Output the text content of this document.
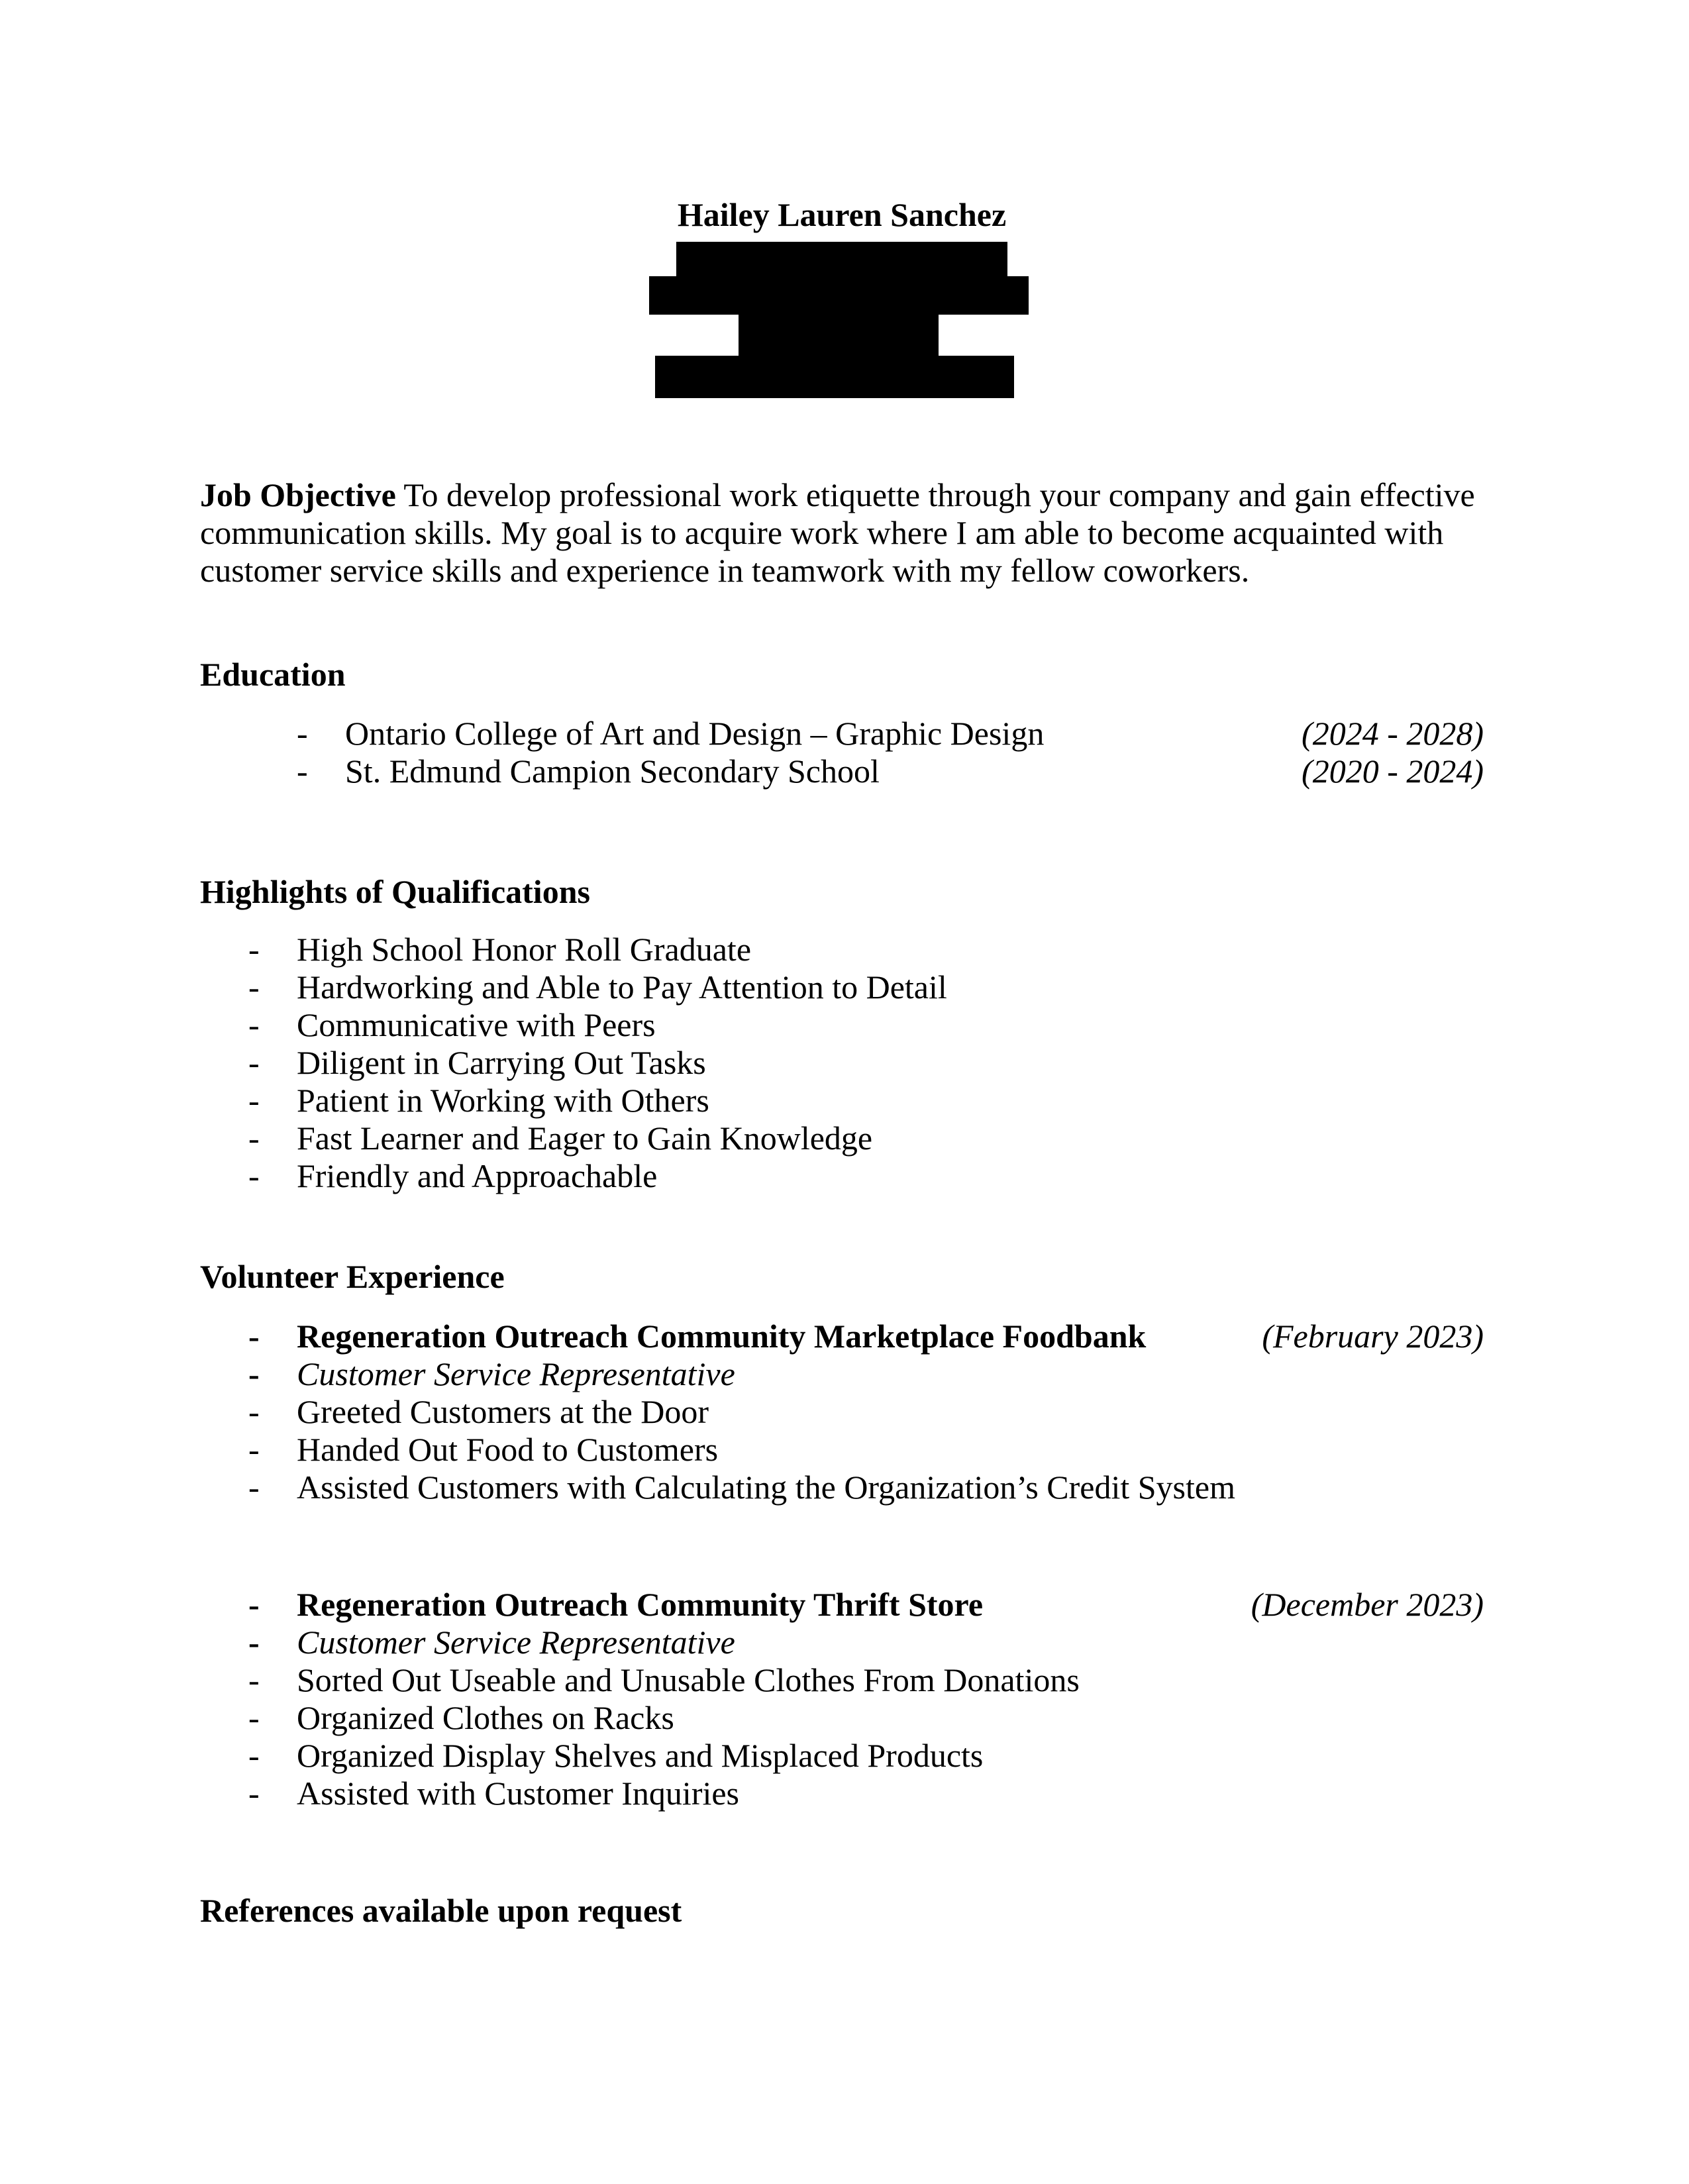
Hailey Lauren Sanchez

Job Objective To develop professional work etiquette through your company and gain effective communication skills. My goal is to acquire work where I am able to become acquainted with customer service skills and experience in teamwork with my fellow coworkers.

Education
-	Ontario College of Art and Design – Graphic Design	(2024 - 2028)
-	St. Edmund Campion Secondary School	(2020 - 2024)
Highlights of Qualifications
-	High School Honor Roll Graduate
-	Hardworking and Able to Pay Attention to Detail
-	Communicative with Peers
-	Diligent in Carrying Out Tasks
-	Patient in Working with Others
-	Fast Learner and Eager to Gain Knowledge
-	Friendly and Approachable
Volunteer Experience
-	Regeneration Outreach Community Marketplace Foodbank	(February 2023)
-	Customer Service Representative
-	Greeted Customers at the Door
-	Handed Out Food to Customers
-	Assisted Customers with Calculating the Organization’s Credit System
-	Regeneration Outreach Community Thrift Store	(December 2023)
-	Customer Service Representative
-	Sorted Out Useable and Unusable Clothes From Donations
-	Organized Clothes on Racks
-	Organized Display Shelves and Misplaced Products
-	Assisted with Customer Inquiries
References available upon request
